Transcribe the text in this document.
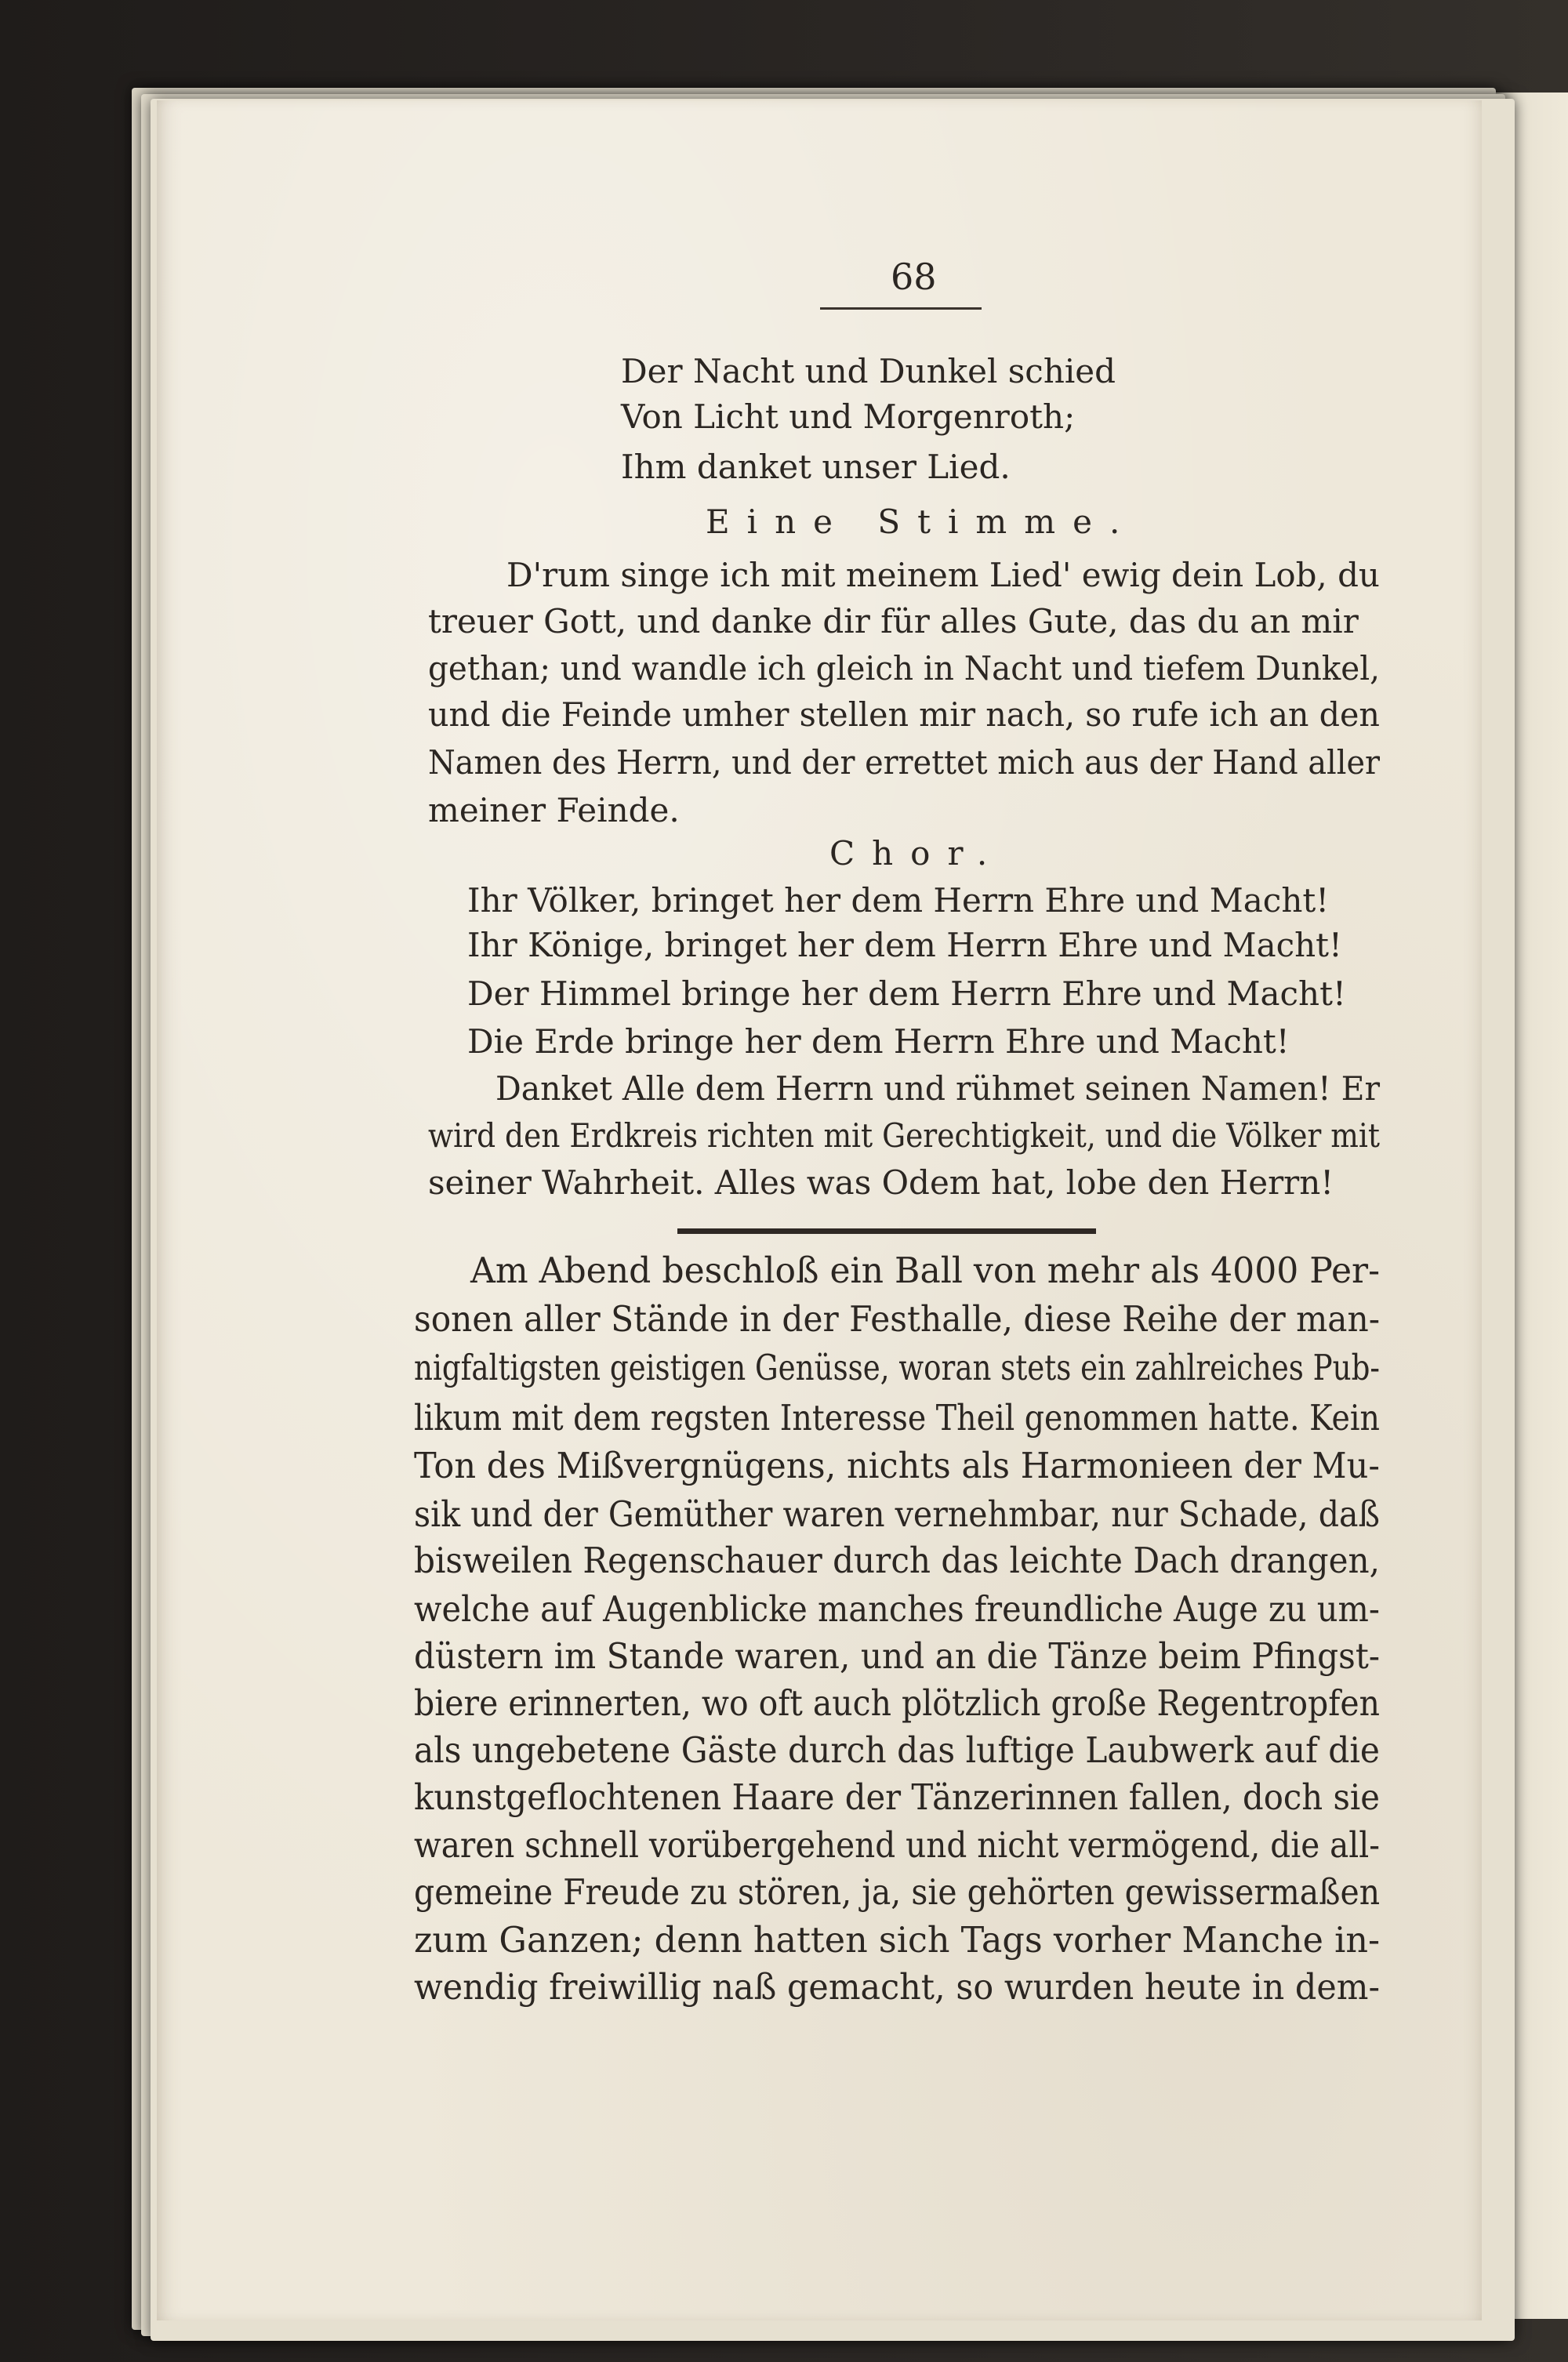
68
Der Nacht und Dunkel schied
Von Licht und Morgenroth;
Ihm danket unser Lied.
Eine Stimme.
D'rum singe ich mit meinem Lied' ewig dein Lob, du
treuer Gott, und danke dir für alles Gute, das du an mir
gethan; und wandle ich gleich in Nacht und tiefem Dunkel,
und die Feinde umher stellen mir nach, so rufe ich an den
Namen des Herrn, und der errettet mich aus der Hand aller
meiner Feinde.
Chor.
Ihr Völker, bringet her dem Herrn Ehre und Macht!
Ihr Könige, bringet her dem Herrn Ehre und Macht!
Der Himmel bringe her dem Herrn Ehre und Macht!
Die Erde bringe her dem Herrn Ehre und Macht!
Danket Alle dem Herrn und rühmet seinen Namen! Er
wird den Erdkreis richten mit Gerechtigkeit, und die Völker mit
seiner Wahrheit. Alles was Odem hat, lobe den Herrn!
Am Abend beschloß ein Ball von mehr als 4000 Per-
sonen aller Stände in der Festhalle, diese Reihe der man-
nigfaltigsten geistigen Genüsse, woran stets ein zahlreiches Pub-
likum mit dem regsten Interesse Theil genommen hatte. Kein
Ton des Mißvergnügens, nichts als Harmonieen der Mu-
sik und der Gemüther waren vernehmbar, nur Schade, daß
bisweilen Regenschauer durch das leichte Dach drangen,
welche auf Augenblicke manches freundliche Auge zu um-
düstern im Stande waren, und an die Tänze beim Pfingst-
biere erinnerten, wo oft auch plötzlich große Regentropfen
als ungebetene Gäste durch das luftige Laubwerk auf die
kunstgeflochtenen Haare der Tänzerinnen fallen, doch sie
waren schnell vorübergehend und nicht vermögend, die all-
gemeine Freude zu stören, ja, sie gehörten gewissermaßen
zum Ganzen; denn hatten sich Tags vorher Manche in-
wendig freiwillig naß gemacht, so wurden heute in dem-
